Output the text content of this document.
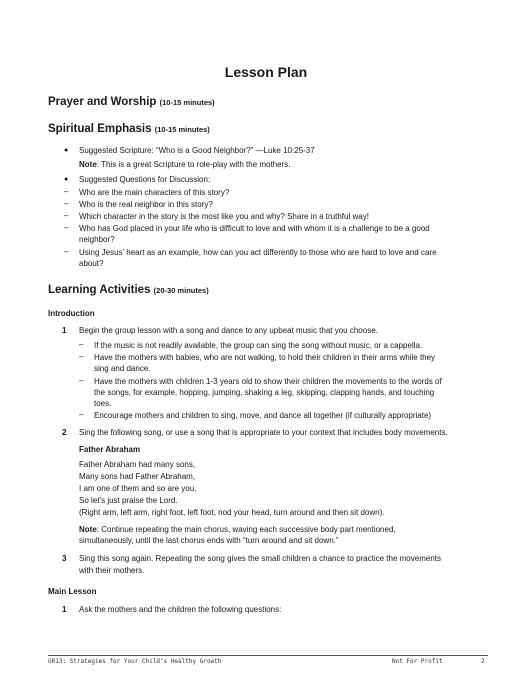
Lesson Plan
Prayer and Worship (10-15 minutes)
Spiritual Emphasis (10-15 minutes)
● Suggested Scripture: “Who is a Good Neighbor?” —Luke 10:25-37
Note: This is a great Scripture to role-play with the mothers.
● Suggested Questions for Discussion:
– Who are the main characters of this story?
– Who is the real neighbor in this story?
– Which character in the story is the most like you and why? Share in a truthful way!
– Who has God placed in your life who is difficult to love and with whom it is a challenge to be a good
neighbor?
– Using Jesus’ heart as an example, how can you act differently to those who are hard to love and care
about?
Learning Activities (20-30 minutes)
Introduction
1 Begin the group lesson with a song and dance to any upbeat music that you choose.
– If the music is not readily available, the group can sing the song without music, or a cappella.
– Have the mothers with babies, who are not walking, to hold their children in their arms while they
sing and dance.
– Have the mothers with children 1-3 years old to show their children the movements to the words of
the songs, for example, hopping, jumping, shaking a leg, skipping, clapping hands, and touching
toes.
– Encourage mothers and children to sing, move, and dance all together (if culturally appropriate)
2 Sing the following song, or use a song that is appropriate to your context that includes body movements.
Father Abraham
Father Abraham had many sons,
Many sons had Father Abraham,
I am one of them and so are you,
So let’s just praise the Lord.
(Right arm, left arm, right foot, left foot, nod your head, turn around and then sit down).
Note: Continue repeating the main chorus, waving each successive body part mentioned,
simultaneously, until the last chorus ends with “turn around and sit down.”
3 Sing this song again. Repeating the song gives the small children a chance to practice the movements
with their mothers.
Main Lesson
1 Ask the mothers and the children the following questions:
GR13: Strategies for Your Child’s Healthy Growth	Not For Profit	2
